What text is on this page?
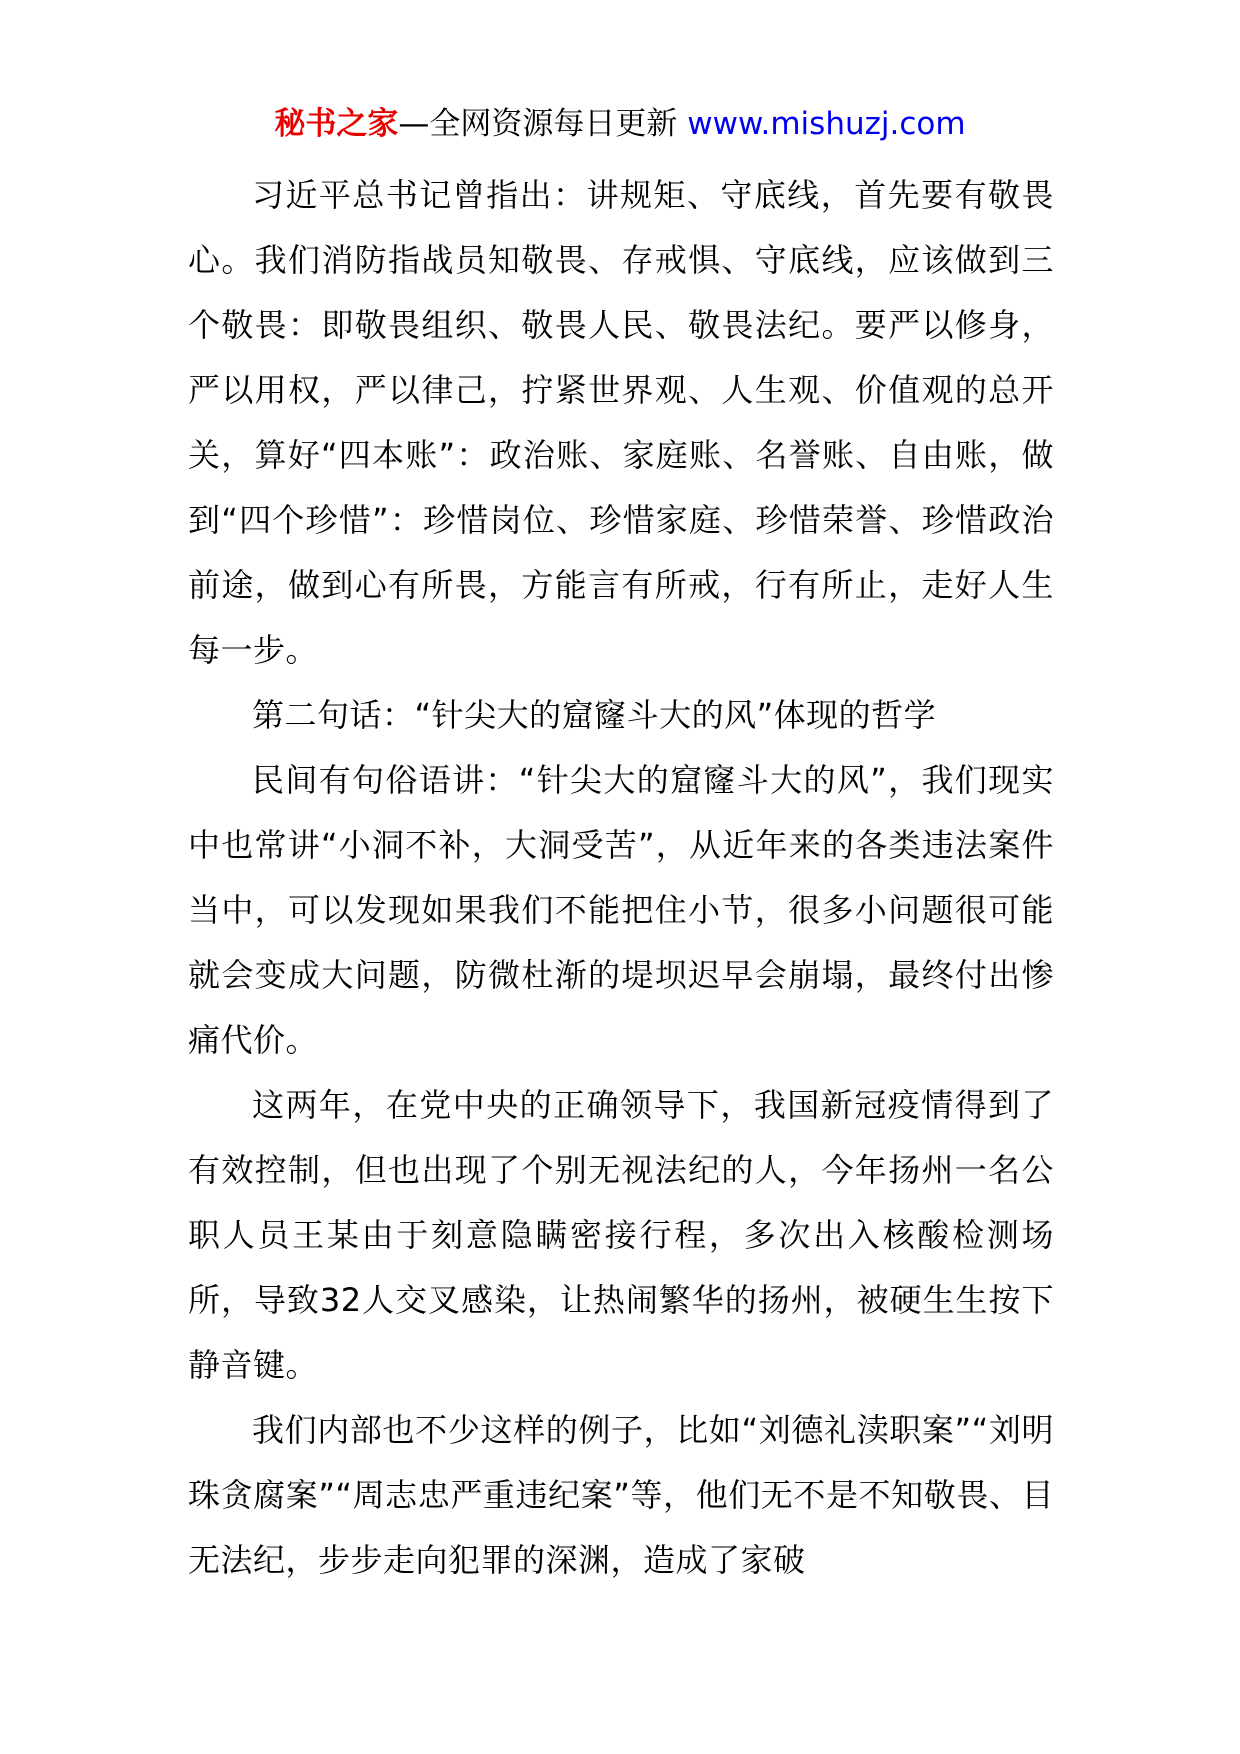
秘书之家—全网资源每日更新 www.mishuzj.com

习近平总书记曾指出：讲规矩、守底线，首先要有敬畏心。我们消防指战员知敬畏、存戒惧、守底线，应该做到三个敬畏：即敬畏组织、敬畏人民、敬畏法纪。要严以修身，严以用权，严以律己，拧紧世界观、人生观、价值观的总开关，算好“四本账”：政治账、家庭账、名誉账、自由账，做到“四个珍惜”：珍惜岗位、珍惜家庭、珍惜荣誉、珍惜政治前途，做到心有所畏，方能言有所戒，行有所止，走好人生每一步。

第二句话：“针尖大的窟窿斗大的风”体现的哲学

民间有句俗语讲：“针尖大的窟窿斗大的风”，我们现实中也常讲“小洞不补，大洞受苦”，从近年来的各类违法案件当中，可以发现如果我们不能把住小节，很多小问题很可能就会变成大问题，防微杜渐的堤坝迟早会崩塌，最终付出惨痛代价。

这两年，在党中央的正确领导下，我国新冠疫情得到了有效控制，但也出现了个别无视法纪的人，今年扬州一名公职人员王某由于刻意隐瞒密接行程，多次出入核酸检测场所，导致32人交叉感染，让热闹繁华的扬州，被硬生生按下静音键。

我们内部也不少这样的例子，比如“刘德礼渎职案”“刘明珠贪腐案”“周志忠严重违纪案”等，他们无不是不知敬畏、目无法纪，步步走向犯罪的深渊，造成了家破
